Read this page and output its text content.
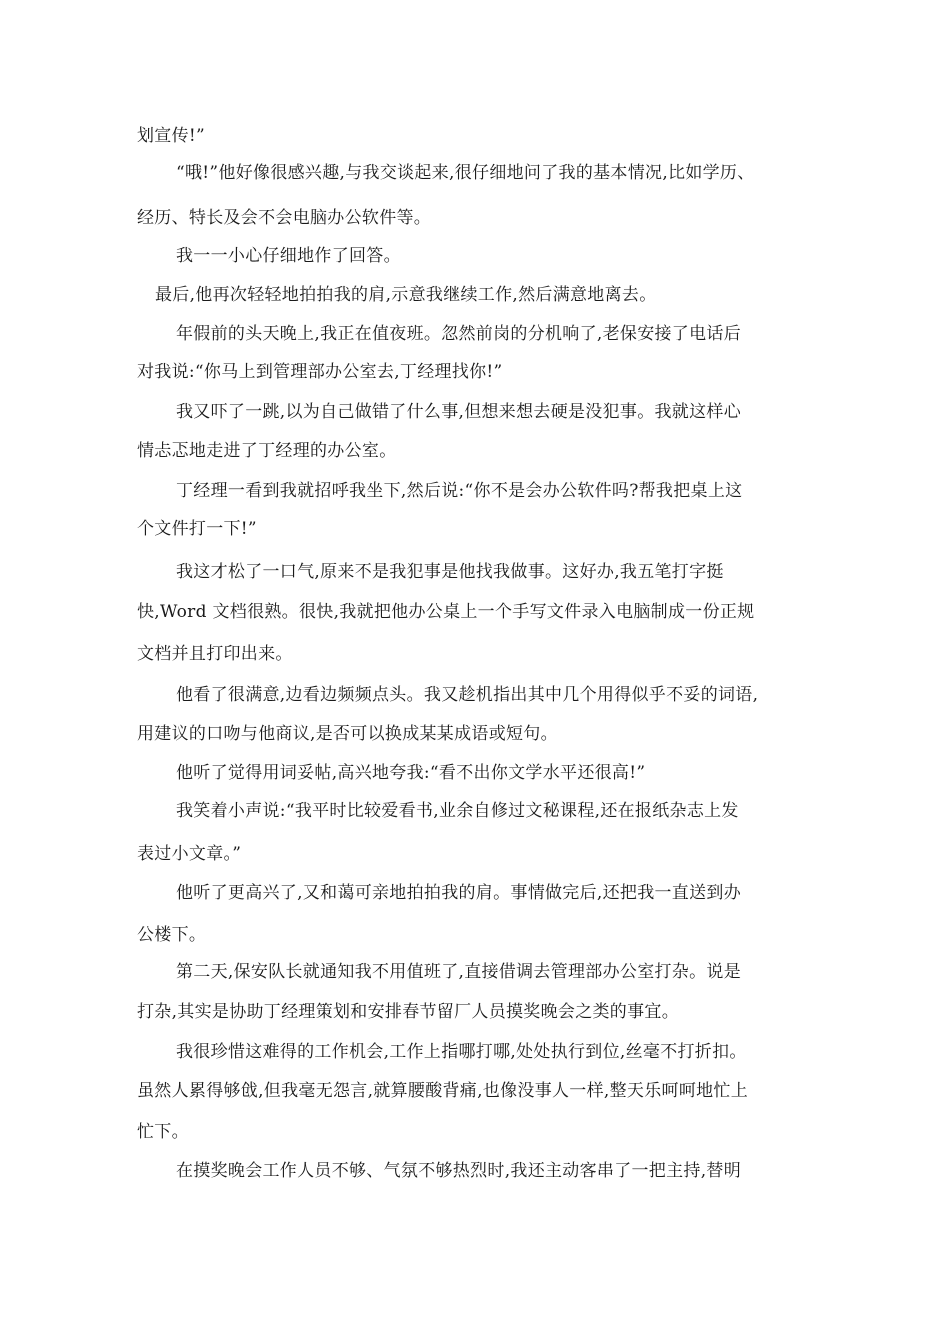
划宣传!”
“哦!”他好像很感兴趣,与我交谈起来,很仔细地问了我的基本情况,比如学历、
经历、特长及会不会电脑办公软件等。
我一一小心仔细地作了回答。
最后,他再次轻轻地拍拍我的肩,示意我继续工作,然后满意地离去。
年假前的头天晚上,我正在值夜班。忽然前岗的分机响了,老保安接了电话后
对我说:“你马上到管理部办公室去,丁经理找你!”
我又吓了一跳,以为自己做错了什么事,但想来想去硬是没犯事。我就这样心
情忐忑地走进了丁经理的办公室。
丁经理一看到我就招呼我坐下,然后说:“你不是会办公软件吗?帮我把桌上这
个文件打一下!”
我这才松了一口气,原来不是我犯事是他找我做事。这好办,我五笔打字挺
快,Word 文档很熟。很快,我就把他办公桌上一个手写文件录入电脑制成一份正规
文档并且打印出来。
他看了很满意,边看边频频点头。我又趁机指出其中几个用得似乎不妥的词语,
用建议的口吻与他商议,是否可以换成某某成语或短句。
他听了觉得用词妥帖,高兴地夸我:“看不出你文学水平还很高!”
我笑着小声说:“我平时比较爱看书,业余自修过文秘课程,还在报纸杂志上发
表过小文章。”
他听了更高兴了,又和蔼可亲地拍拍我的肩。事情做完后,还把我一直送到办
公楼下。
第二天,保安队长就通知我不用值班了,直接借调去管理部办公室打杂。说是
打杂,其实是协助丁经理策划和安排春节留厂人员摸奖晚会之类的事宜。
我很珍惜这难得的工作机会,工作上指哪打哪,处处执行到位,丝毫不打折扣。
虽然人累得够戗,但我毫无怨言,就算腰酸背痛,也像没事人一样,整天乐呵呵地忙上
忙下。
在摸奖晚会工作人员不够、气氛不够热烈时,我还主动客串了一把主持,替明
